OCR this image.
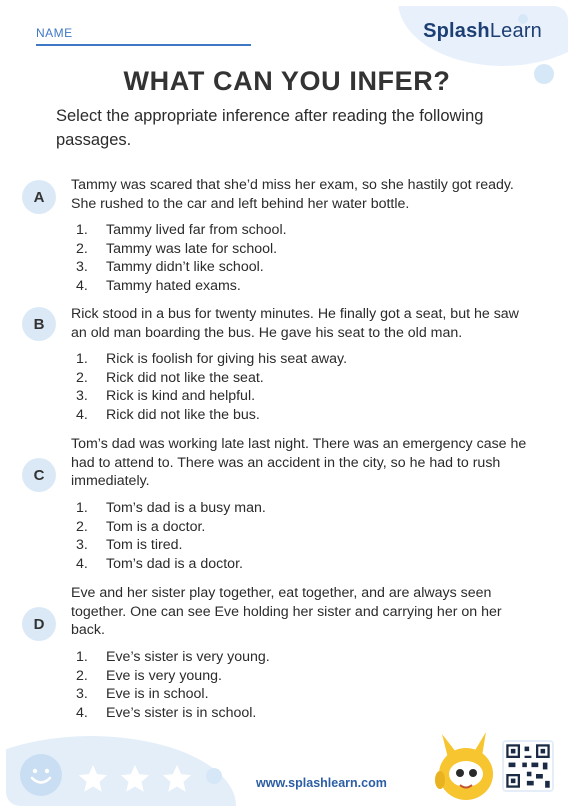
NAME	SplashLearn
WHAT CAN YOU INFER?
Select the appropriate inference after reading the following passages.
A
Tammy was scared that she’d miss her exam, so she hastily got ready. She rushed to the car and left behind her water bottle.
1.	Tammy lived far from school.
2.	Tammy was late for school.
3.	Tammy didn’t like school.
4.	Tammy hated exams.
B
Rick stood in a bus for twenty minutes. He finally got a seat, but he saw an old man boarding the bus. He gave his seat to the old man.
1.	Rick is foolish for giving his seat away.
2.	Rick did not like the seat.
3.	Rick is kind and helpful.
4.	Rick did not like the bus.
C
Tom’s dad was working late last night. There was an emergency case he had to attend to. There was an accident in the city, so he had to rush immediately.
1.	Tom’s dad is a busy man.
2.	Tom is a doctor.
3.	Tom is tired.
4.	Tom’s dad is a doctor.
D
Eve and her sister play together, eat together, and are always seen together. One can see Eve holding her sister and carrying her on her back.
1.	Eve’s sister is very young.
2.	Eve is very young.
3.	Eve is in school.
4.	Eve’s sister is in school.
www.splashlearn.com
